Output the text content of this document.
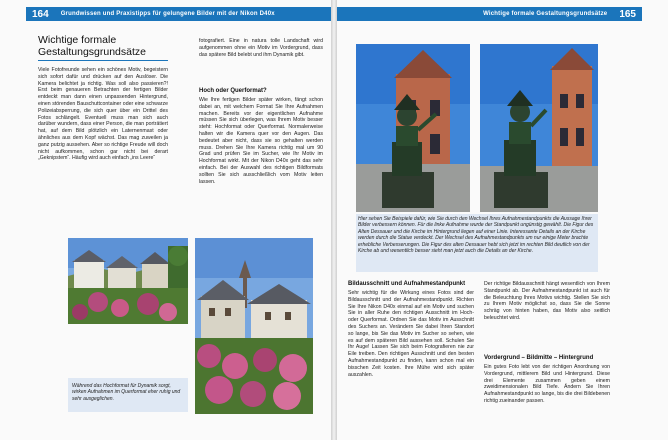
164	Grundwissen und Praxistipps für gelungene Bilder mit der Nikon D40x
Wichtige formale Gestaltungsgrundsätze

Viele Fotofreunde sehen ein schönes Motiv, begeistern sich sofort dafür und drücken auf den Auslöser. Die Kamera belichtet ja richtig. Was soll also passieren?! Erst beim genaueren Betrachten der fertigen Bilder entdeckt man dann einen unpassenden Hintergrund, einen störenden Bauschuttcontainer oder eine schwarze Polizeiabsperrung, die sich quer über ein Drittel des Fotos schlängelt. Eventuell muss man sich auch darüber wundern, dass einer Person, die man porträtiert hat, auf dem Bild plötzlich ein Laternenmast oder ähnliches aus dem Kopf wächst. Das mag zuweilen ja ganz putzig aussehen. Aber so richtige Freude will doch nicht aufkommen, schon gar nicht bei derart „Geknipstem“. Häufig wird auch einfach „ins Leere“

fotografiert. Eine in natura tolle Landschaft wird aufgenommen ohne ein Motiv im Vordergrund, dass das spätere Bild belebt und ihm Dynamik gibt.

Hoch oder Querformat?

Wie Ihre fertigen Bilder später wirken, fängt schon dabei an, mit welchem Format Sie Ihre Aufnahmen machen. Bereits vor der eigentlichen Aufnahme müssen Sie sich überlegen, was Ihrem Motiv besser steht: Hochformat oder Querformat. Normalerweise halten wir die Kamera quer vor den Augen. Das bedeutet aber nicht, dass sie so gehalten werden muss. Drehen Sie Ihre Kamera richtig mal um 90 Grad und prüfen Sie im Sucher, wie Ihr Motiv im Hochformat wirkt. Mit der Nikon D40x geht das sehr einfach. Bei der Auswahl des richtigen Bildformats sollten Sie sich ausschließlich vom Motiv leiten lassen.

Während das Hochformat für Dynamik sorgt, wirken Aufnahmen im Querformat eher ruhig und sehr ausgeglichen.
Wichtige formale Gestaltungsgrundsätze	165
Hier sehen Sie Beispiele dafür, wie Sie durch den Wechsel Ihres Aufnahmestandpunkts die Aussage Ihrer Bilder verbessern können. Für die linke Aufnahme wurde der Standpunkt ungünstig gewählt. Die Figur des Alten Dessauer und die Kirche im Hintergrund liegen auf einer Linie. Interessante Details an der Kirche werden durch die Statue verdeckt. Der Wechsel des Aufnahmestandpunkts um nur einige Meter brachte erhebliche Verbesserungen. Die Figur des alten Dessauer hebt sich jetzt im rechten Bild deutlich von der Kirche ab und wesentlich besser sieht man jetzt auch die Details an der Kirche.
Bildausschnitt und Aufnahmestandpunkt

Sehr wichtig für die Wirkung eines Fotos sind der Bildausschnitt und der Aufnahmestandpunkt. Richten Sie Ihre Nikon D40x einmal auf ein Motiv und suchen Sie in aller Ruhe den richtigen Ausschnitt im Hoch- oder Querformat. Ordnen Sie das Motiv im Ausschnitt des Suchers an. Verändern Sie dabei Ihren Standort so lange, bis Sie das Motiv im Sucher so sehen, wie es auf dem späteren Bild aussehen soll. Schulen Sie Ihr Auge! Lassen Sie sich beim Fotografieren nie zur Eile treiben. Den richtigen Ausschnitt und den besten Aufnahmestandpunkt zu finden, kann schon mal ein bisschen Zeit kosten. Ihre Mühe wird sich später auszahlen.

Der richtige Bildausschnitt hängt wesentlich von Ihrem Standpunkt ab. Der Aufnahmestandpunkt ist auch für die Beleuchtung Ihres Motivs wichtig. Stellen Sie sich zu Ihrem Motiv möglichst so, dass Sie die Sonne schräg von hinten haben, das Motiv also seitlich beleuchtet wird.

Vordergrund – Bildmitte – Hintergrund

Ein gutes Foto lebt von der richtigen Anordnung von Vordergrund, mittlerem Bild und Hintergrund. Diese drei Elemente zusammen geben einem zweidimensionalen Bild Tiefe. Ändern Sie Ihren Aufnahmestandpunkt so lange, bis die drei Bildebenen richtig zueinander passen.
